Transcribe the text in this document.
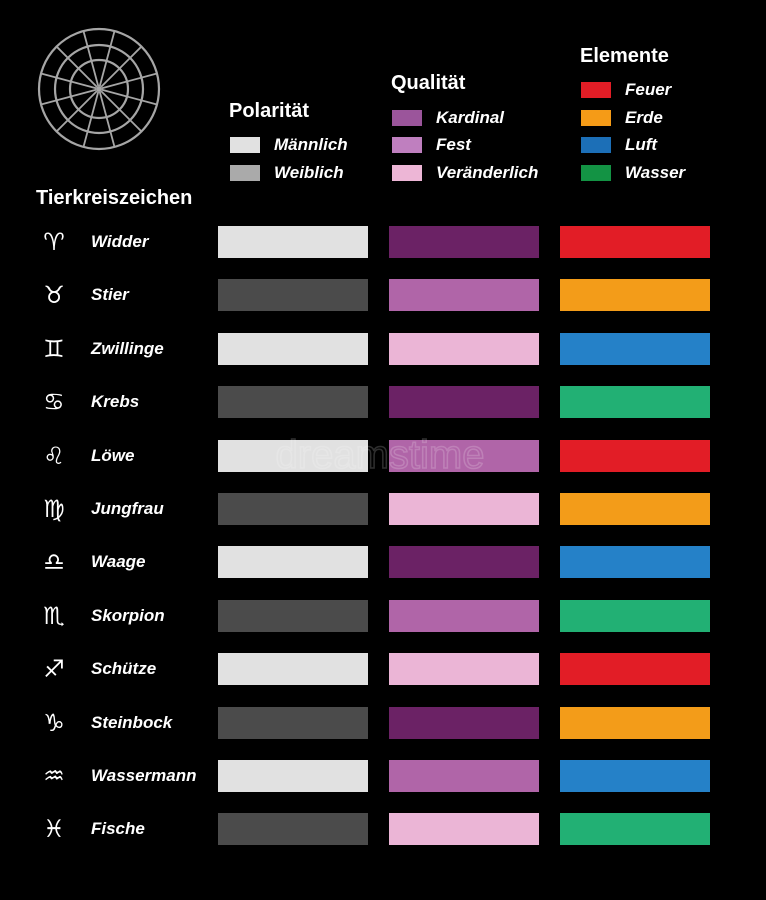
Polarität
Qualität
Elemente
Tierkreiszeichen
Männlich
Weiblich
Kardinal
Fest
Veränderlich
Feuer
Erde
Luft
Wasser
♈	Widder
♉	Stier
♊	Zwillinge
♋	Krebs
♌	Löwe
♍	Jungfrau
♎	Waage
♏	Skorpion
♐	Schütze
♑	Steinbock
♒	Wassermann
♓	Fische
dreamstime
